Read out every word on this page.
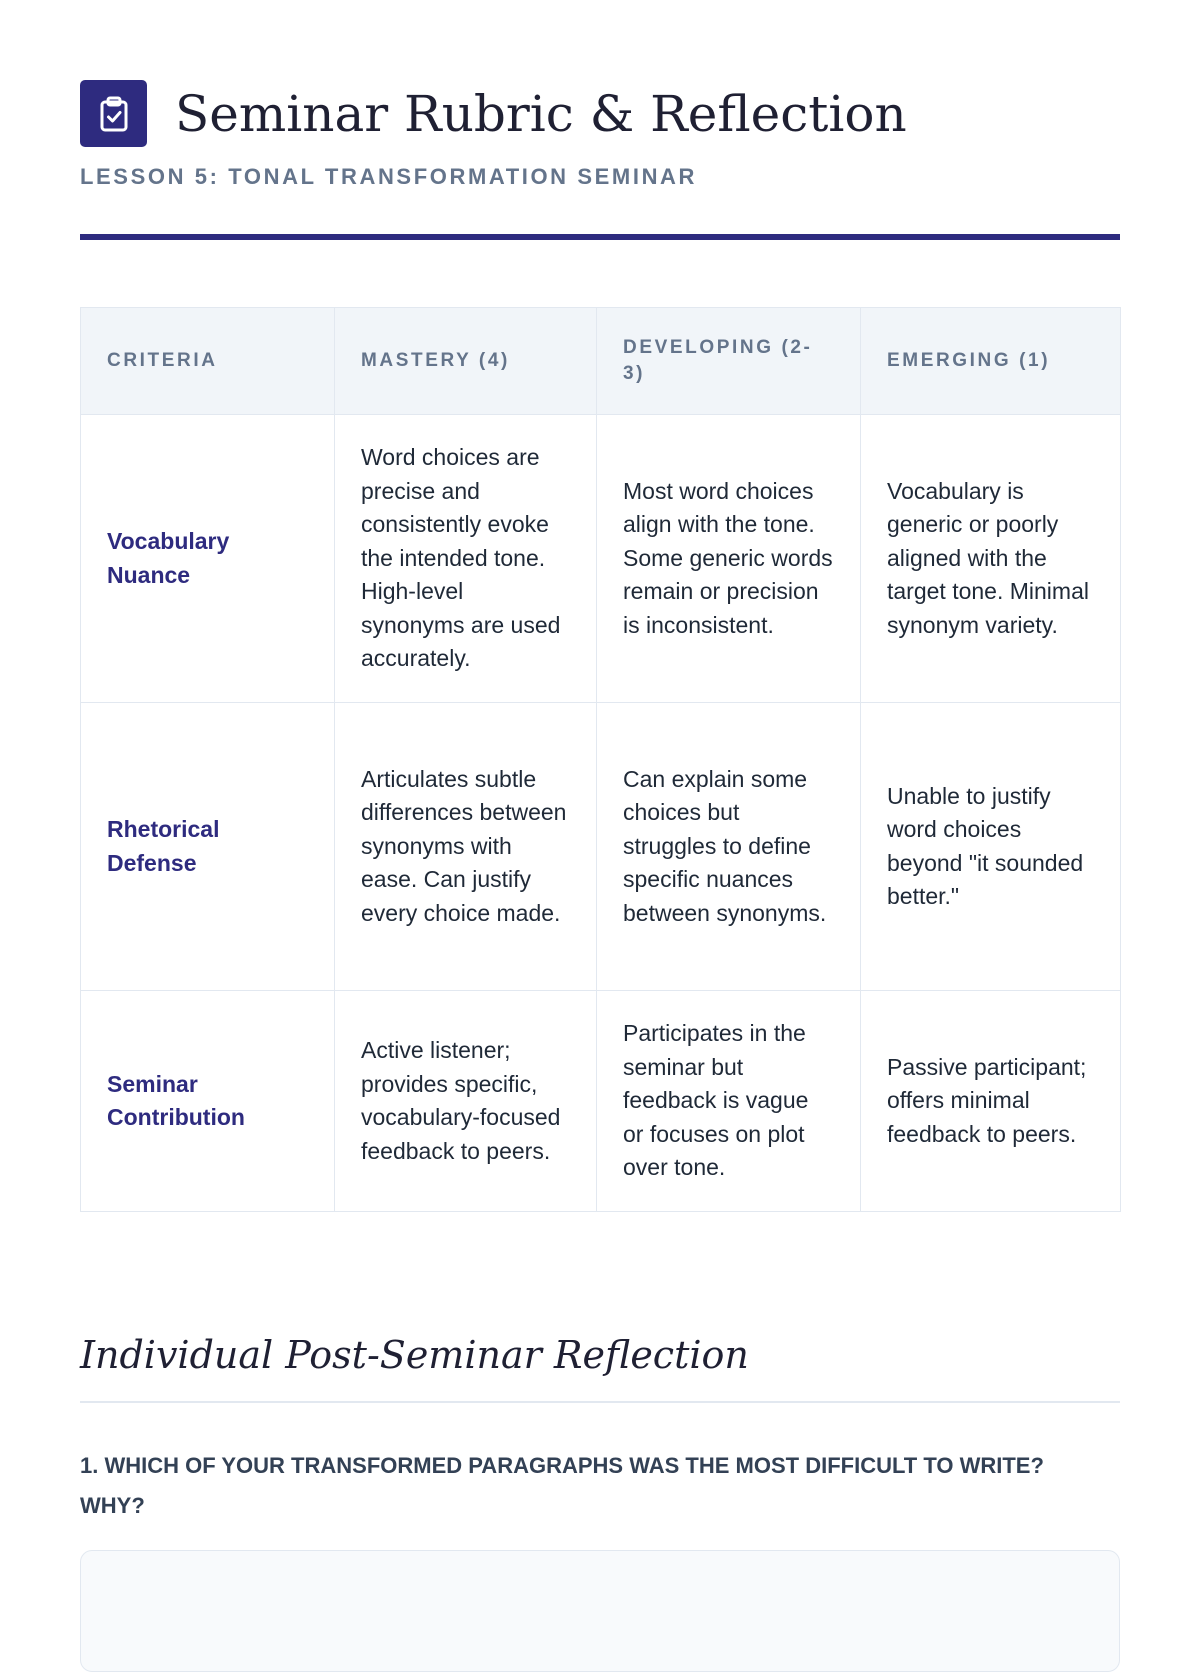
Seminar Rubric & Reflection
LESSON 5: TONAL TRANSFORMATION SEMINAR
CRITERIA	MASTERY (4)	DEVELOPING (2-3)	EMERGING (1)
Vocabulary Nuance	Word choices are precise and consistently evoke the intended tone. High-level synonyms are used accurately.	Most word choices align with the tone. Some generic words remain or precision is inconsistent.	Vocabulary is generic or poorly aligned with the target tone. Minimal synonym variety.
Rhetorical Defense	Articulates subtle differences between synonyms with ease. Can justify every choice made.	Can explain some choices but struggles to define specific nuances between synonyms.	Unable to justify word choices beyond "it sounded better."
Seminar Contribution	Active listener; provides specific, vocabulary-focused feedback to peers.	Participates in the seminar but feedback is vague or focuses on plot over tone.	Passive participant; offers minimal feedback to peers.
Individual Post-Seminar Reflection

1. WHICH OF YOUR TRANSFORMED PARAGRAPHS WAS THE MOST DIFFICULT TO WRITE? WHY?
